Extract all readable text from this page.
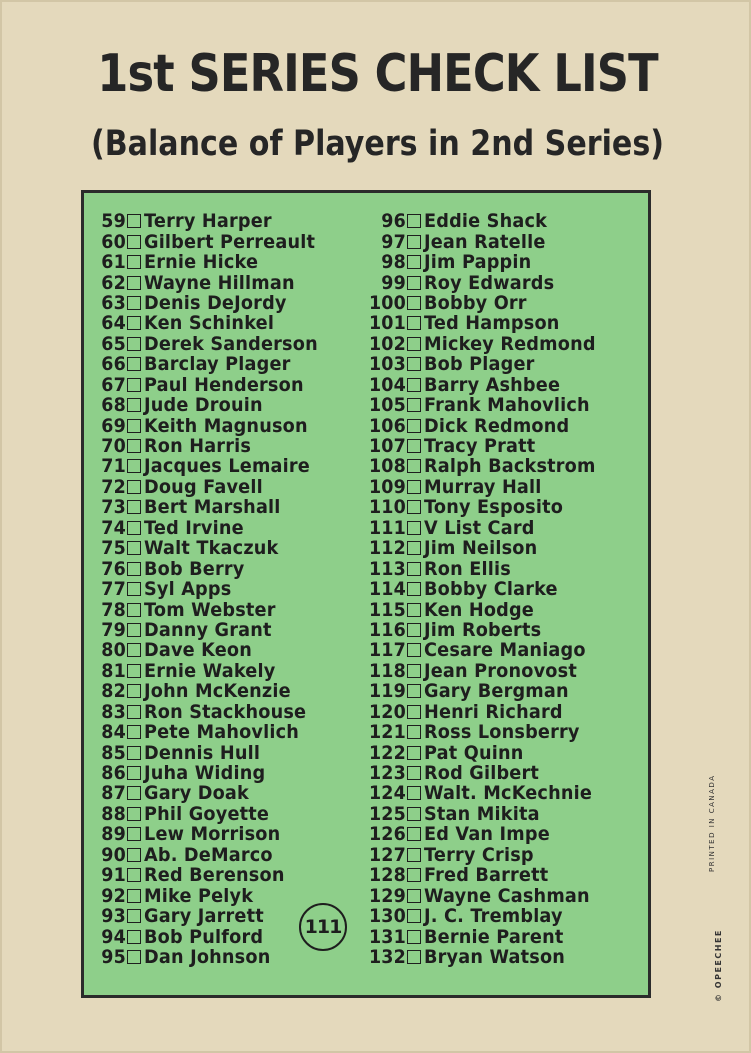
1st SERIES CHECK LIST
(Balance of Players in 2nd Series)
59 Terry Harper
60 Gilbert Perreault
61 Ernie Hicke
62 Wayne Hillman
63 Denis DeJordy
64 Ken Schinkel
65 Derek Sanderson
66 Barclay Plager
67 Paul Henderson
68 Jude Drouin
69 Keith Magnuson
70 Ron Harris
71 Jacques Lemaire
72 Doug Favell
73 Bert Marshall
74 Ted Irvine
75 Walt Tkaczuk
76 Bob Berry
77 Syl Apps
78 Tom Webster
79 Danny Grant
80 Dave Keon
81 Ernie Wakely
82 John McKenzie
83 Ron Stackhouse
84 Pete Mahovlich
85 Dennis Hull
86 Juha Widing
87 Gary Doak
88 Phil Goyette
89 Lew Morrison
90 Ab. DeMarco
91 Red Berenson
92 Mike Pelyk
93 Gary Jarrett
94 Bob Pulford
95 Dan Johnson
96 Eddie Shack
97 Jean Ratelle
98 Jim Pappin
99 Roy Edwards
100 Bobby Orr
101 Ted Hampson
102 Mickey Redmond
103 Bob Plager
104 Barry Ashbee
105 Frank Mahovlich
106 Dick Redmond
107 Tracy Pratt
108 Ralph Backstrom
109 Murray Hall
110 Tony Esposito
111 V List Card
112 Jim Neilson
113 Ron Ellis
114 Bobby Clarke
115 Ken Hodge
116 Jim Roberts
117 Cesare Maniago
118 Jean Pronovost
119 Gary Bergman
120 Henri Richard
121 Ross Lonsberry
122 Pat Quinn
123 Rod Gilbert
124 Walt. McKechnie
125 Stan Mikita
126 Ed Van Impe
127 Terry Crisp
128 Fred Barrett
129 Wayne Cashman
130 J. C. Tremblay
131 Bernie Parent
132 Bryan Watson
111
PRINTED IN CANADA
© OPEECHEE
